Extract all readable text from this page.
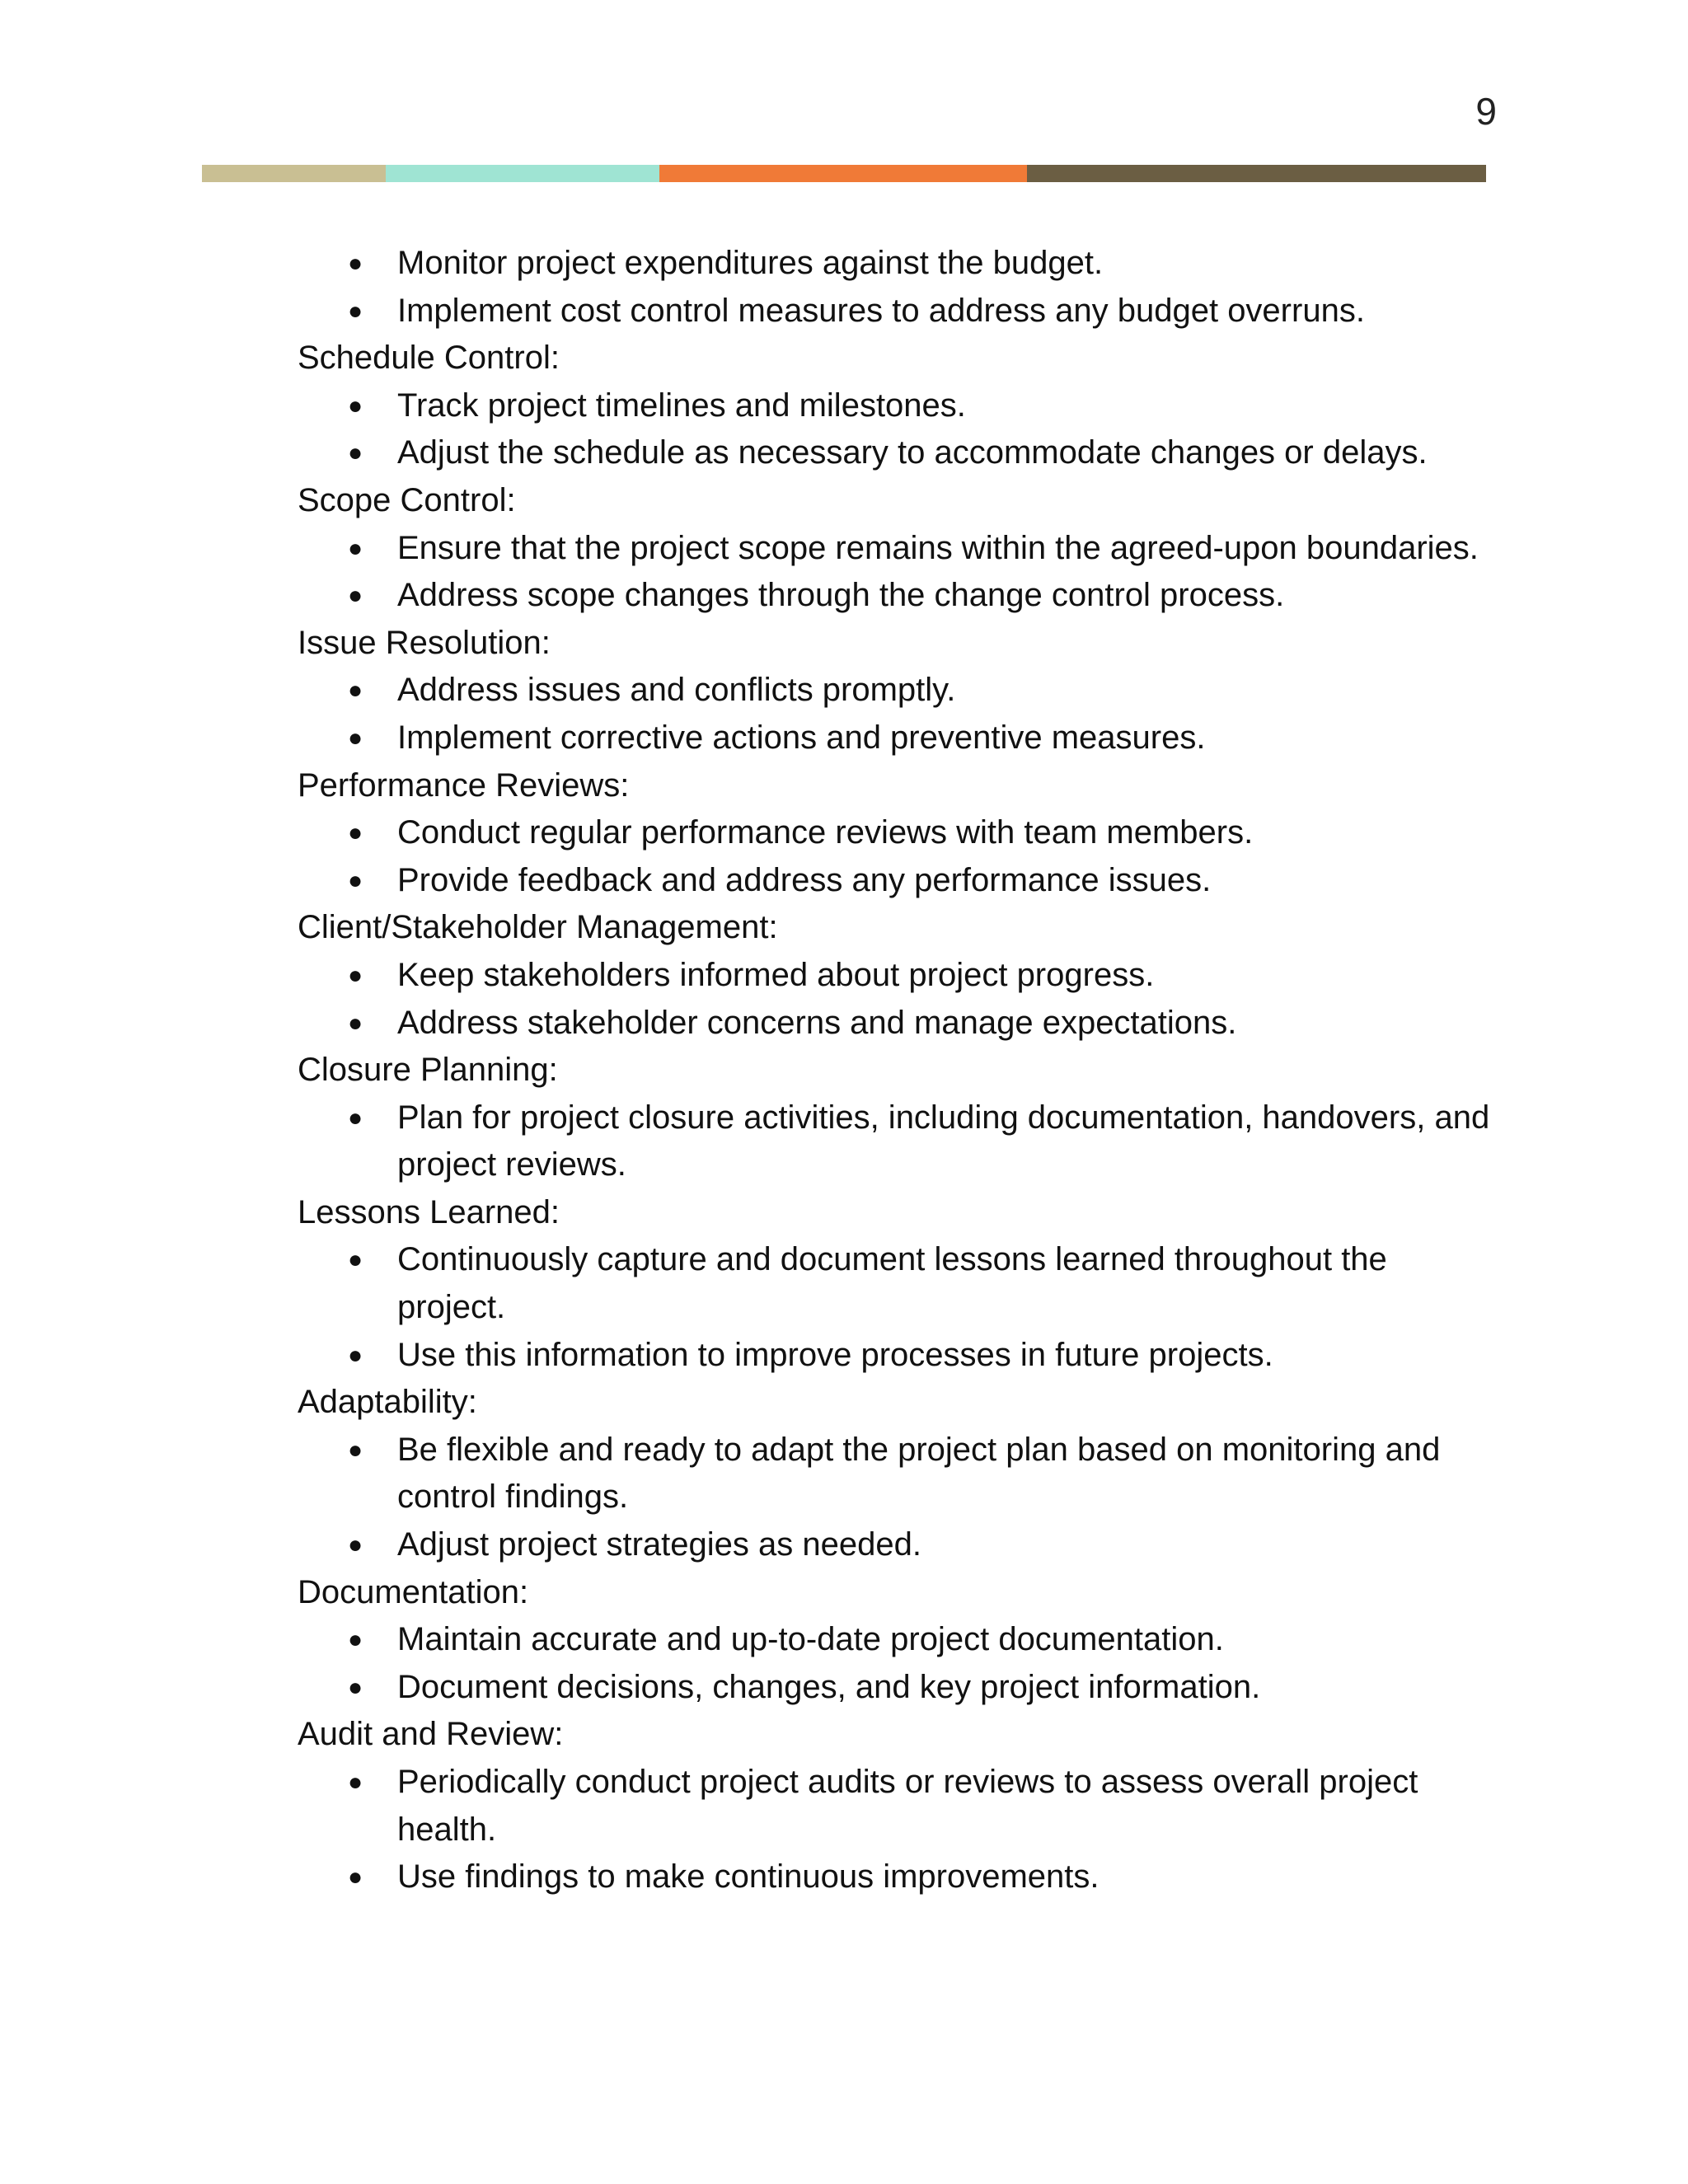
9
● Monitor project expenditures against the budget.
● Implement cost control measures to address any budget overruns.

Schedule Control:

● Track project timelines and milestones.
● Adjust the schedule as necessary to accommodate changes or delays.

Scope Control:

● Ensure that the project scope remains within the agreed-upon boundaries.
● Address scope changes through the change control process.

Issue Resolution:

● Address issues and conflicts promptly.
● Implement corrective actions and preventive measures.

Performance Reviews:

● Conduct regular performance reviews with team members.
● Provide feedback and address any performance issues.

Client/Stakeholder Management:

● Keep stakeholders informed about project progress.
● Address stakeholder concerns and manage expectations.

Closure Planning:

● Plan for project closure activities, including documentation, handovers, and project reviews.

Lessons Learned:

● Continuously capture and document lessons learned throughout the project.
● Use this information to improve processes in future projects.

Adaptability:

● Be flexible and ready to adapt the project plan based on monitoring and control findings.
● Adjust project strategies as needed.

Documentation:

● Maintain accurate and up-to-date project documentation.
● Document decisions, changes, and key project information.

Audit and Review:

● Periodically conduct project audits or reviews to assess overall project health.
● Use findings to make continuous improvements.
